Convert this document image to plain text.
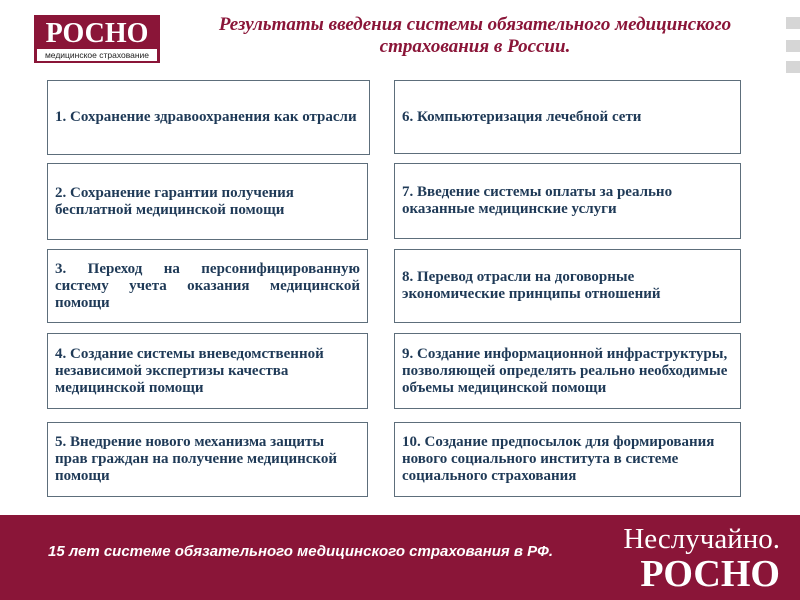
РОСНО
медицинское страхование
Результаты введения системы обязательного медицинского страхования в России.
1. Сохранение здравоохранения как отрасли
2. Сохранение гарантии получения бесплатной медицинской помощи
3. Переход на персонифицированную систему учета оказания медицинской помощи
4. Создание системы вневедомственной независимой экспертизы качества медицинской помощи
5. Внедрение нового механизма защиты прав граждан на получение медицинской помощи
6. Компьютеризация лечебной сети
7. Введение системы оплаты за реально оказанные медицинские услуги
8. Перевод отрасли на договорные экономические принципы отношений
9. Создание информационной инфраструктуры, позволяющей определять реально необходимые объемы медицинской помощи
10. Создание предпосылок для формирования нового социального института в системе социального страхования
15 лет системе обязательного медицинского страхования в РФ. Неслучайно.
РОСНО
